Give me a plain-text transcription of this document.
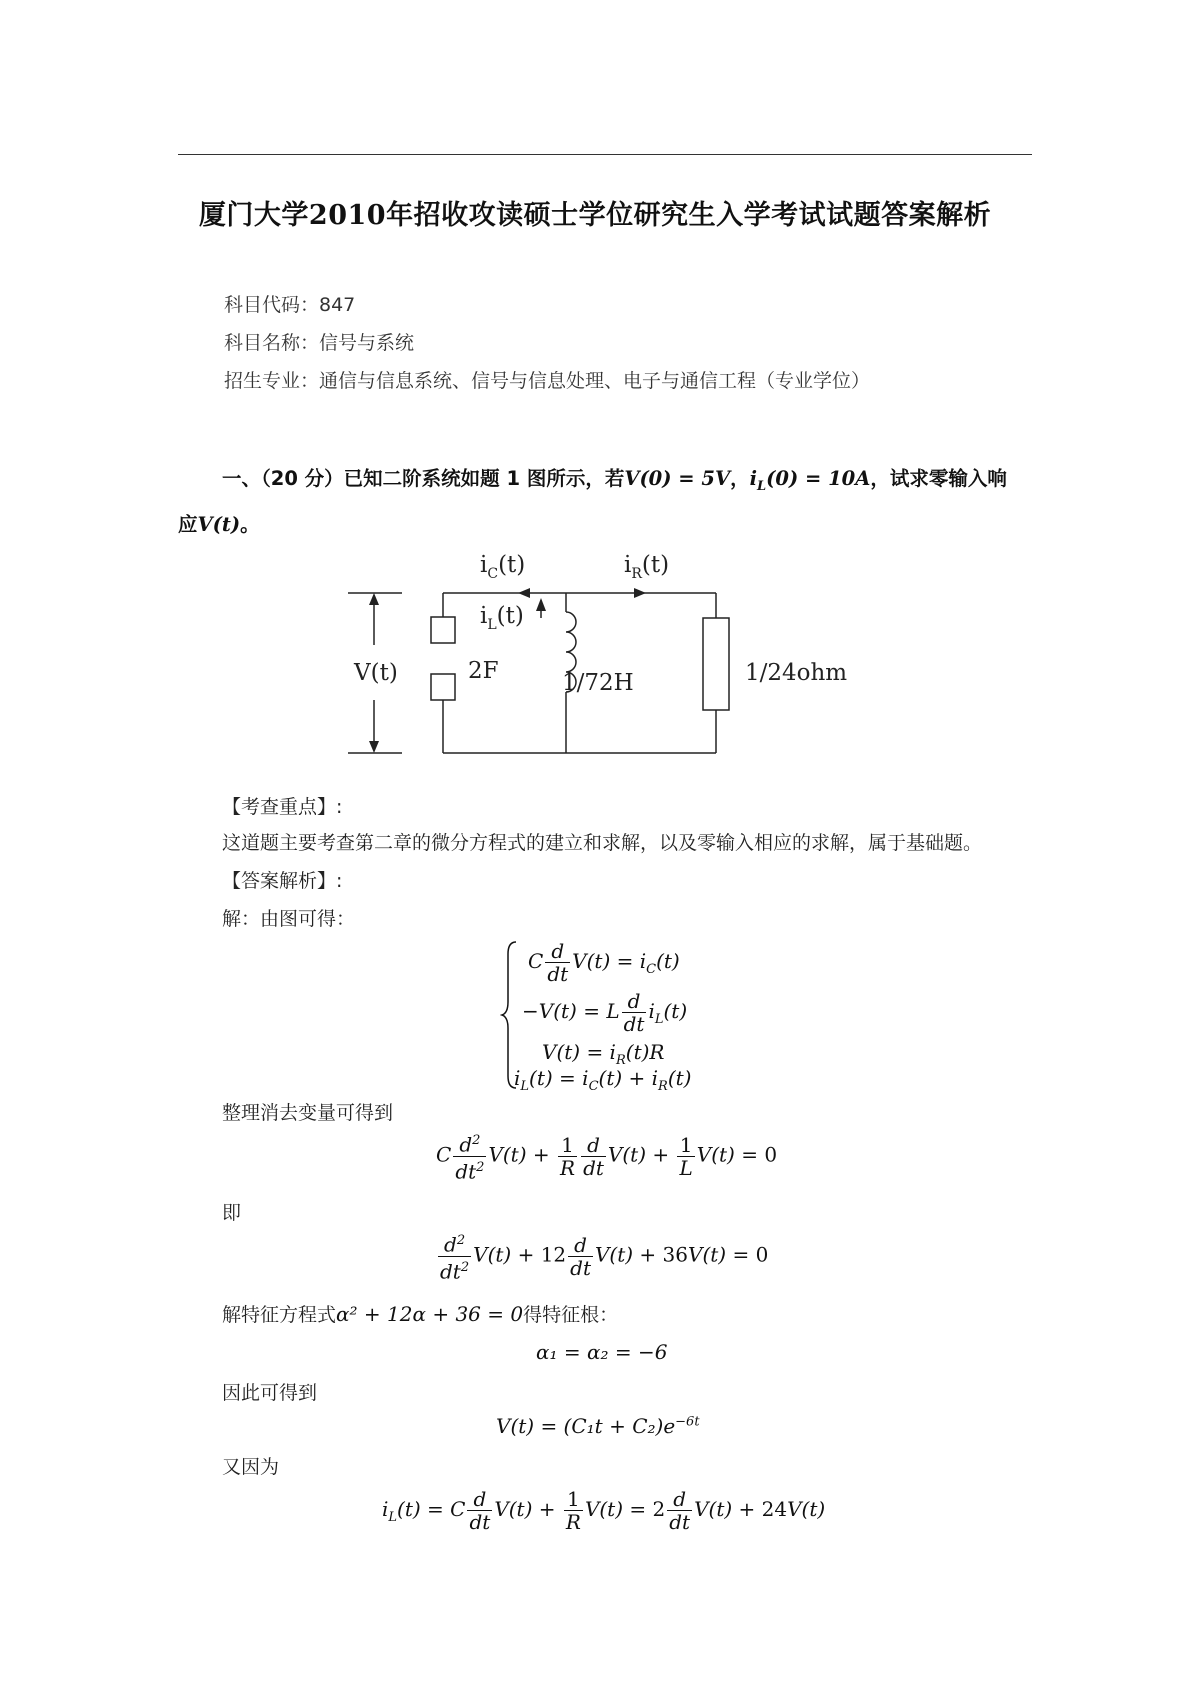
厦门大学2010年招收攻读硕士学位研究生入学考试试题答案解析
科目代码：847
科目名称：信号与系统
招生专业：通信与信息系统、信号与信息处理、电子与通信工程（专业学位）
一、（20 分）已知二阶系统如题 1 图所示，若V(0) = 5V，$i_L(0) = 10A$，试求零输入响
应V(t)。
$i_C(t)$	$i_R(t)$
$i_L(t)$
V(t)	2F	1/72H	1/24ohm
【考查重点】:
这道题主要考查第二章的微分方程式的建立和求解，以及零输入相应的求解，属于基础题。
【答案解析】:
解：由图可得：
C $\frac{d}{dt} V(t) = i_C(t)$
−V(t) = L $\frac{d}{dt} i_L(t)$
$V(t) = i_R(t)R$
$i_L(t) = i_C(t) + i_R(t)$
整理消去变量可得到
C $\frac{d^2}{dt^2} V(t) + \frac{1}{R} \frac{d}{dt} V(t) + \frac{1}{L} V(t) = 0$
即
$\frac{d^2}{dt^2} V(t) + 12 \frac{d}{dt} V(t) + 36V(t) = 0$
解特征方程式α² + 12α + 36 = 0得特征根：
α₁ = α₂ = −6
因此可得到
$V(t) = (C_1t + C_2)e^{-6t}$
又因为
$i_L(t) = C \frac{d}{dt} V(t) + \frac{1}{R} V(t) = 2 \frac{d}{dt} V(t) + 24V(t)$
